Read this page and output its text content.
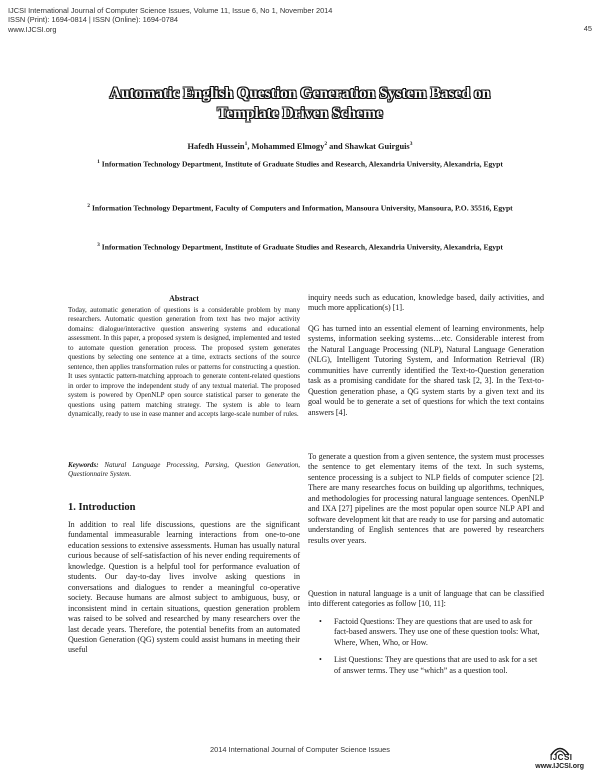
IJCSI International Journal of Computer Science Issues, Volume 11, Issue 6, No 1, November 2014
ISSN (Print): 1694-0814 | ISSN (Online): 1694-0784
www.IJCSI.org	45
Automatic English Question Generation System Based on
Template Driven Scheme
Hafedh Hussein$^1$, Mohammed Elmogy$^2$ and Shawkat Guirguis$^3$
$^1$ Information Technology Department, Institute of Graduate Studies and Research, Alexandria University, Alexandria, Egypt
$^2$ Information Technology Department, Faculty of Computers and Information, Mansoura University, Mansoura, P.O. 35516, Egypt
$^3$ Information Technology Department, Institute of Graduate Studies and Research, Alexandria University, Alexandria, Egypt
Abstract
Today, automatic generation of questions is a considerable problem by many researchers. Automatic question generation from text has two major activity domains: dialogue/interactive question answering systems and educational assessment. In this paper, a proposed system is designed, implemented and tested to automate question generation process. The proposed system generates questions by selecting one sentence at a time, extracts sections of the source sentence, then applies transformation rules or patterns for constructing a question. It uses syntactic pattern-matching approach to generate content-related questions in order to improve the independent study of any textual material. The proposed system is powered by OpenNLP open source statistical parser to generate the questions using pattern matching strategy. The system is able to learn dynamically, ready to use in ease manner and accepts large-scale number of rules.
Keywords: Natural Language Processing, Parsing, Question Generation, Questionnaire System.
1. Introduction
In addition to real life discussions, questions are the significant fundamental immeasurable learning interactions from one-to-one education sessions to extensive assessments. Human has usually natural curious because of self-satisfaction of his never ending requirements of knowledge. Question is a helpful tool for performance evaluation of students. Our day-to-day lives involve asking questions in conversations and dialogues to render a meaningful co-operative society. Because humans are almost subject to ambiguous, busy, or inconsistent mind in certain situations, question generation problem was raised to be solved and researched by many researchers over the last decade years. Therefore, the potential benefits from an automated Question Generation (QG) system could assist humans in meeting their useful

inquiry needs such as education, knowledge based, daily activities, and much more application(s) [1].

QG has turned into an essential element of learning environments, help systems, information seeking systems…etc. Considerable interest from the Natural Language Processing (NLP), Natural Language Generation (NLG), Intelligent Tutoring System, and Information Retrieval (IR) communities have currently identified the Text-to-Question generation task as a promising candidate for the shared task [2, 3]. In the Text-to-Question generation phase, a QG system starts by a given text and its goal would be to generate a set of questions for which the text contains answers [4].

To generate a question from a given sentence, the system must processes the sentence to get elementary items of the text. In such systems, sentence processing is a subject to NLP fields of computer science [2]. There are many researches focus on building up algorithms, techniques, and methodologies for processing natural language sentences. OpenNLP and IXA [27] pipelines are the most popular open source NLP API and software development kit that are ready to use for parsing and automatic understanding of English sentences that are powered by researchers results over years.

Question in natural language is a unit of language that can be classified into different categories as follow [10, 11]:

• Factoid Questions: They are questions that are used to ask for fact-based answers. They use one of these question tools: What, Where, When, Who, or How.
• List Questions: They are questions that are used to ask for a set of answer terms. They use “which” as a question tool.
2014 International Journal of Computer Science Issues
IJCSI
www.IJCSI.org
